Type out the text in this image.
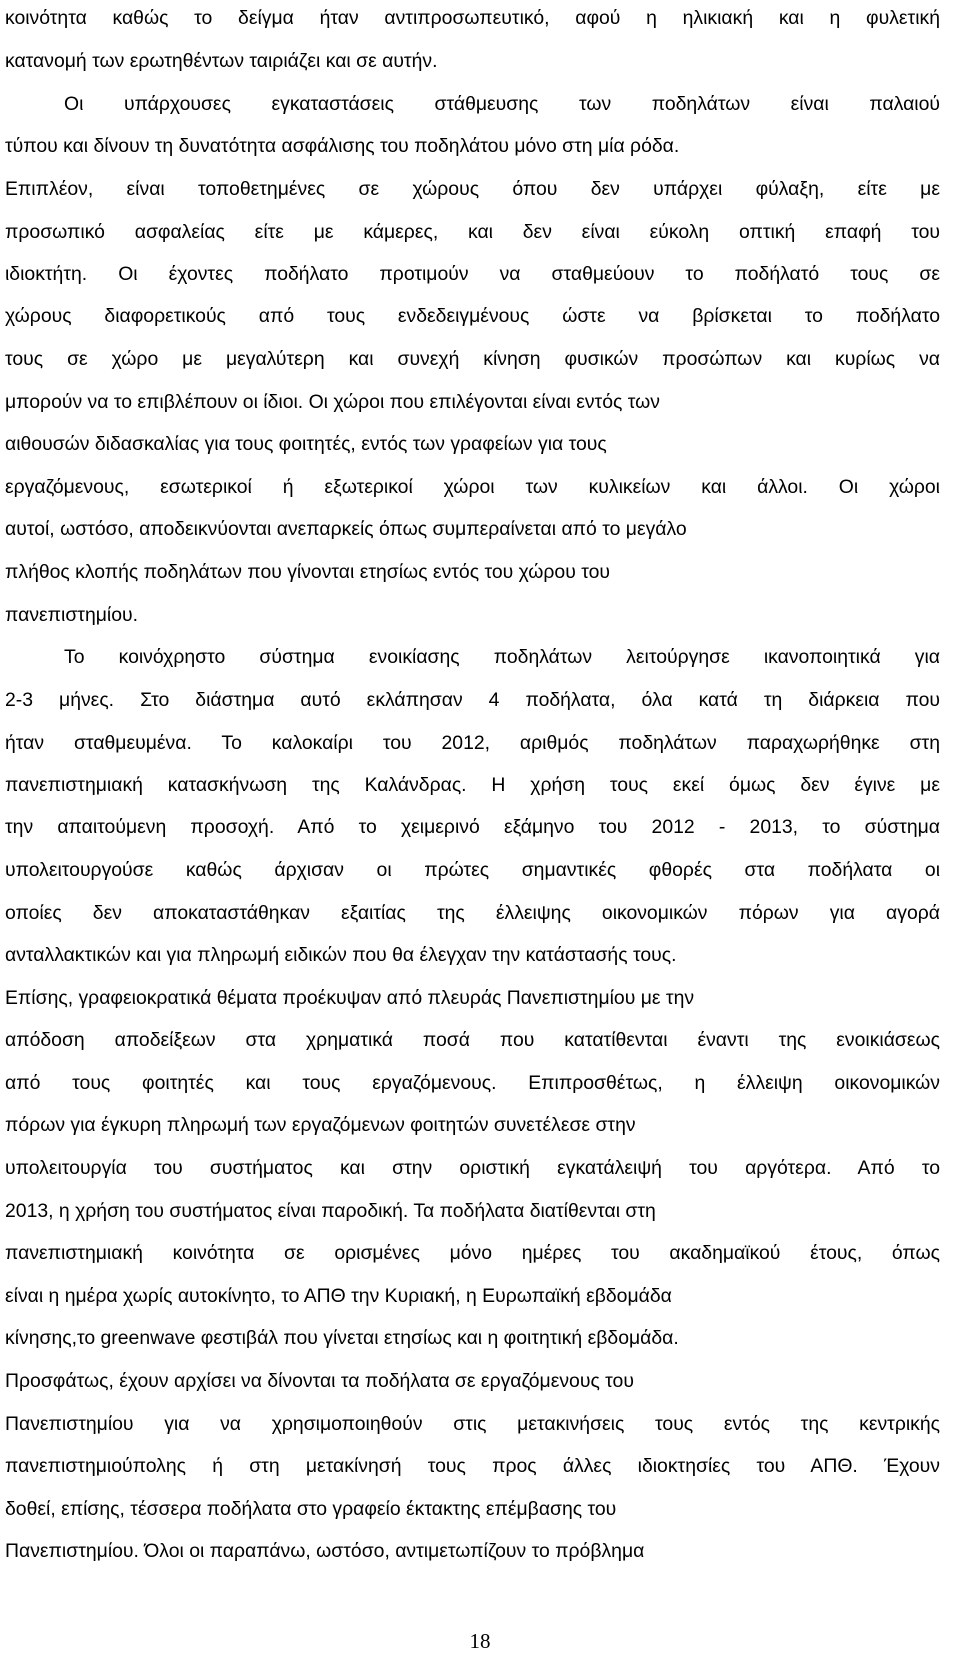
κοινότητα καθώς το δείγμα ήταν αντιπροσωπευτικό, αφού η ηλικιακή και η φυλετική
κατανομή των ερωτηθέντων ταιριάζει και σε αυτήν.
Οι υπάρχουσες εγκαταστάσεις στάθμευσης των ποδηλάτων είναι παλαιού
τύπου και δίνουν τη δυνατότητα ασφάλισης του ποδηλάτου μόνο στη μία ρόδα.
Επιπλέον, είναι τοποθετημένες σε χώρους όπου δεν υπάρχει φύλαξη, είτε με
προσωπικό ασφαλείας είτε με κάμερες, και δεν είναι εύκολη οπτική επαφή του
ιδιοκτήτη. Οι έχοντες ποδήλατο προτιμούν να σταθμεύουν το ποδήλατό τους σε
χώρους διαφορετικούς από τους ενδεδειγμένους ώστε να βρίσκεται το ποδήλατο
τους σε χώρο με μεγαλύτερη και συνεχή κίνηση φυσικών προσώπων και κυρίως να
μπορούν να το επιβλέπουν οι ίδιοι. Οι χώροι που επιλέγονται είναι εντός των
αιθουσών διδασκαλίας για τους φοιτητές, εντός των γραφείων για τους
εργαζόμενους, εσωτερικοί ή εξωτερικοί χώροι των κυλικείων και άλλοι. Οι χώροι
αυτοί, ωστόσο, αποδεικνύονται ανεπαρκείς όπως συμπεραίνεται από το μεγάλο
πλήθος κλοπής ποδηλάτων που γίνονται ετησίως εντός του χώρου του
πανεπιστημίου.
Το κοινόχρηστο σύστημα ενοικίασης ποδηλάτων λειτούργησε ικανοποιητικά για
2-3 μήνες. Στο διάστημα αυτό εκλάπησαν 4 ποδήλατα, όλα κατά τη διάρκεια που
ήταν σταθμευμένα. Το καλοκαίρι του 2012, αριθμός ποδηλάτων παραχωρήθηκε στη
πανεπιστημιακή κατασκήνωση της Καλάνδρας. Η χρήση τους εκεί όμως δεν έγινε με
την απαιτούμενη προσοχή. Από το χειμερινό εξάμηνο του 2012 - 2013, το σύστημα
υπολειτουργούσε καθώς άρχισαν οι πρώτες σημαντικές φθορές στα ποδήλατα οι
οποίες δεν αποκαταστάθηκαν εξαιτίας της έλλειψης οικονομικών πόρων για αγορά
ανταλλακτικών και για πληρωμή ειδικών που θα έλεγχαν την κατάστασής τους.
Επίσης, γραφειοκρατικά θέματα προέκυψαν από πλευράς Πανεπιστημίου με την
απόδοση αποδείξεων στα χρηματικά ποσά που κατατίθενται έναντι της ενοικιάσεως
από τους φοιτητές και τους εργαζόμενους. Επιπροσθέτως, η έλλειψη οικονομικών
πόρων για έγκυρη πληρωμή των εργαζόμενων φοιτητών συνετέλεσε στην
υπολειτουργία του συστήματος και στην οριστική εγκατάλειψή του αργότερα. Από το
2013, η χρήση του συστήματος είναι παροδική. Τα ποδήλατα διατίθενται στη
πανεπιστημιακή κοινότητα σε ορισμένες μόνο ημέρες του ακαδημαϊκού έτους, όπως
είναι η ημέρα χωρίς αυτοκίνητο, το ΑΠΘ την Κυριακή, η Ευρωπαϊκή εβδομάδα
κίνησης,το greenwave φεστιβάλ που γίνεται ετησίως και η φοιτητική εβδομάδα.
Προσφάτως, έχουν αρχίσει να δίνονται τα ποδήλατα σε εργαζόμενους του
Πανεπιστημίου για να χρησιμοποιηθούν στις μετακινήσεις τους εντός της κεντρικής
πανεπιστημιούπολης ή στη μετακίνησή τους προς άλλες ιδιοκτησίες του ΑΠΘ. Έχουν
δοθεί, επίσης, τέσσερα ποδήλατα στο γραφείο έκτακτης επέμβασης του
Πανεπιστημίου. Όλοι οι παραπάνω, ωστόσο, αντιμετωπίζουν το πρόβλημα
18
